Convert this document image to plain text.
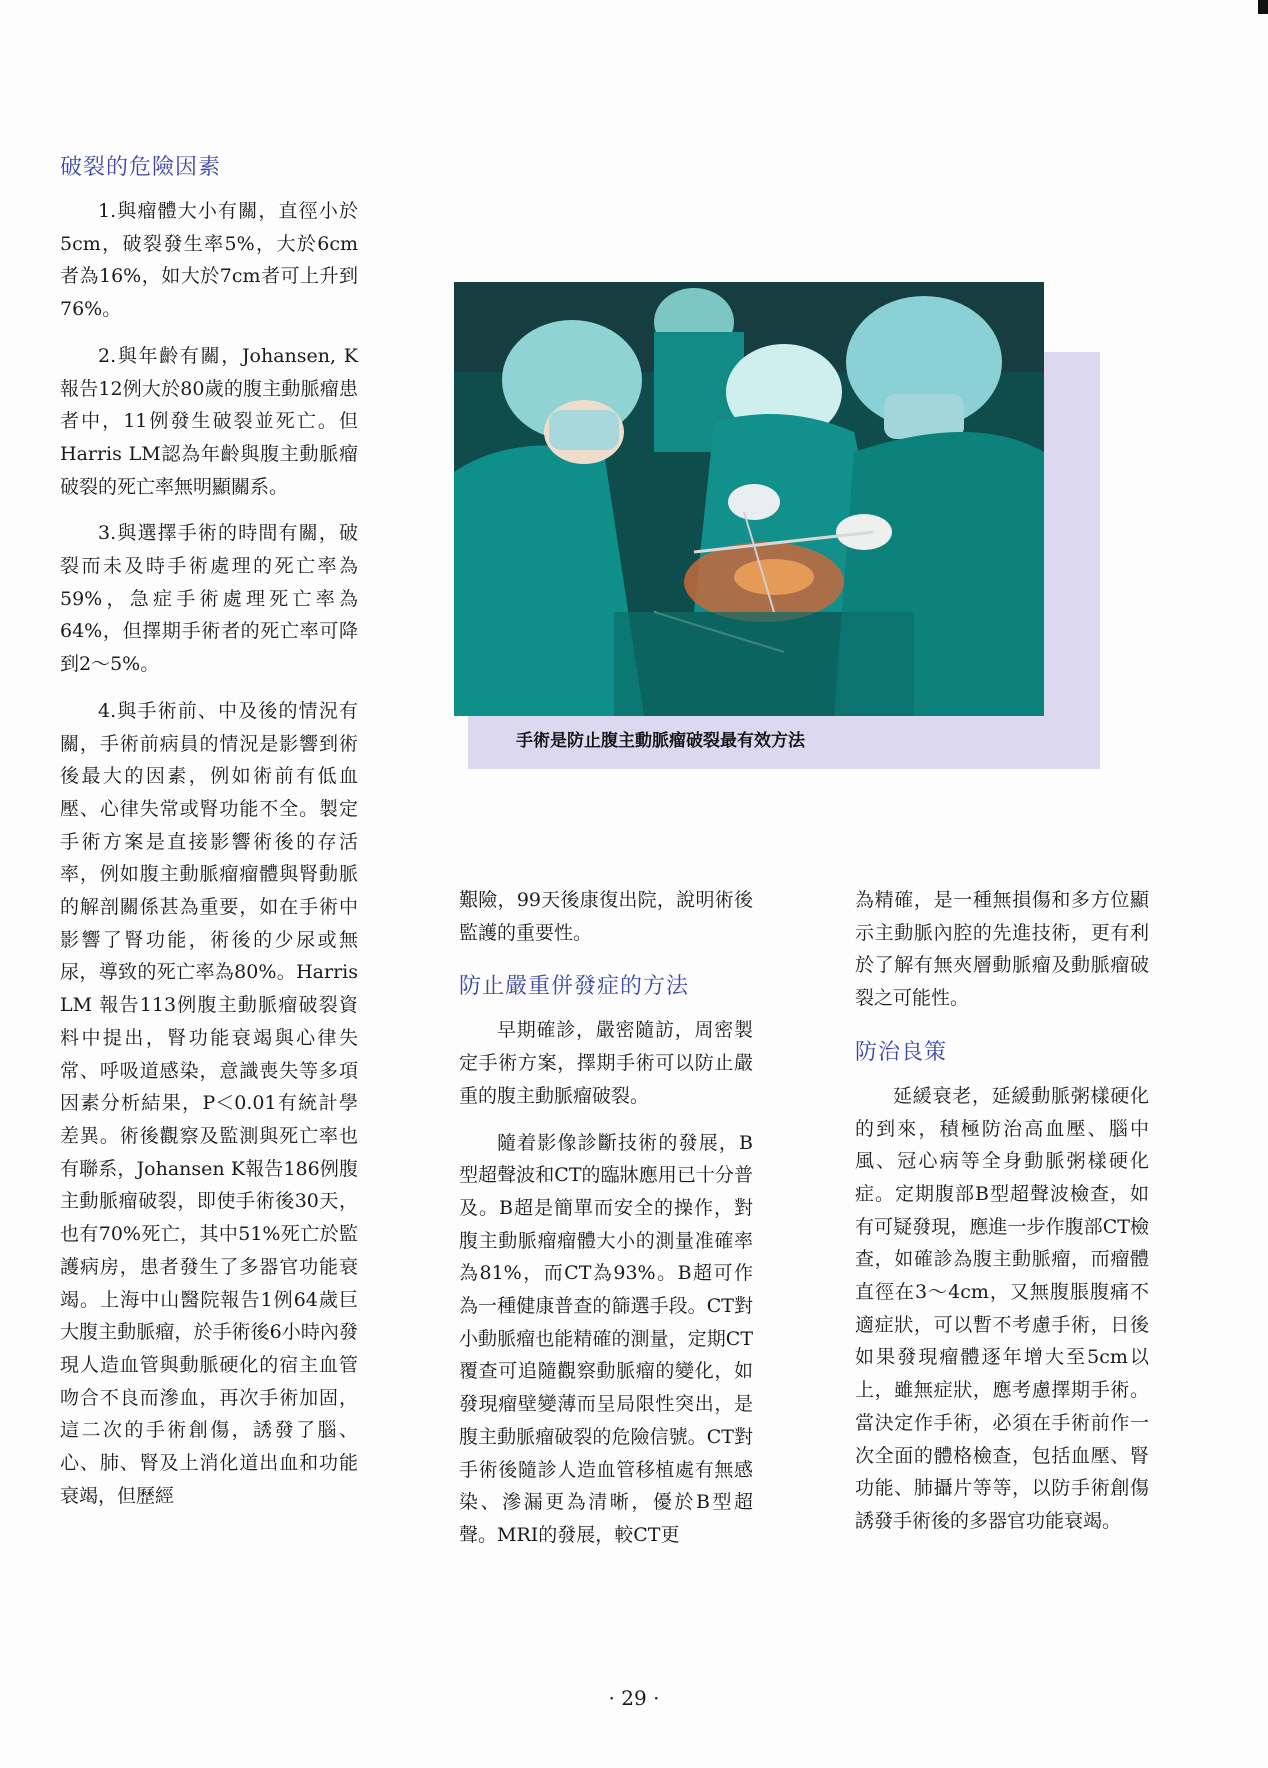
破裂的危險因素

1.與瘤體大小有關，直徑小於5cm，破裂發生率5%，大於6cm者為16%，如大於7cm者可上升到76%。

2.與年齡有關，Johansen, K報告12例大於80歲的腹主動脈瘤患者中，11例發生破裂並死亡。但Harris LM認為年齡與腹主動脈瘤破裂的死亡率無明顯關系。

3.與選擇手術的時間有關，破裂而未及時手術處理的死亡率為59%，急症手術處理死亡率為64%，但擇期手術者的死亡率可降到2～5%。

4.與手術前、中及後的情況有關，手術前病員的情況是影響到術後最大的因素，例如術前有低血壓、心律失常或腎功能不全。製定手術方案是直接影響術後的存活率，例如腹主動脈瘤瘤體與腎動脈的解剖關係甚為重要，如在手術中影響了腎功能，術後的少尿或無尿，導致的死亡率為80%。Harris LM 報告113例腹主動脈瘤破裂資料中提出，腎功能衰竭與心律失常、呼吸道感染，意識喪失等多項因素分析結果，P＜0.01有統計學差異。術後觀察及監測與死亡率也有聯系，Johansen K報告186例腹主動脈瘤破裂，即使手術後30天，也有70%死亡，其中51%死亡於監護病房，患者發生了多器官功能衰竭。上海中山醫院報告1例64歲巨大腹主動脈瘤，於手術後6小時內發現人造血管與動脈硬化的宿主血管吻合不良而滲血，再次手術加固，這二次的手術創傷，誘發了腦、心、肺、腎及上消化道出血和功能衰竭，但歷經

手術是防止腹主動脈瘤破裂最有效方法

艱險，99天後康復出院，說明術後監護的重要性。

防止嚴重併發症的方法

早期確診，嚴密隨訪，周密製定手術方案，擇期手術可以防止嚴重的腹主動脈瘤破裂。

隨着影像診斷技術的發展，B型超聲波和CT的臨牀應用已十分普及。B超是簡單而安全的操作，對腹主動脈瘤瘤體大小的測量准確率為81%，而CT為93%。B超可作為一種健康普查的篩選手段。CT對小動脈瘤也能精確的測量，定期CT覆查可追隨觀察動脈瘤的變化，如發現瘤壁變薄而呈局限性突出，是腹主動脈瘤破裂的危險信號。CT對手術後隨診人造血管移植處有無感染、滲漏更為清晰，優於B型超聲。MRI的發展，較CT更

為精確，是一種無損傷和多方位顯示主動脈內腔的先進技術，更有利於了解有無夾層動脈瘤及動脈瘤破裂之可能性。

防治良策

延緩衰老，延緩動脈粥樣硬化的到來，積極防治高血壓、腦中風、冠心病等全身動脈粥樣硬化症。定期腹部B型超聲波檢查，如有可疑發現，應進一步作腹部CT檢查，如確診為腹主動脈瘤，而瘤體直徑在3～4cm，又無腹脹腹痛不適症狀，可以暫不考慮手術，日後如果發現瘤體逐年增大至5cm以上，雖無症狀，應考慮擇期手術。當決定作手術，必須在手術前作一次全面的體格檢查，包括血壓、腎功能、肺攝片等等，以防手術創傷誘發手術後的多器官功能衰竭。

· 29 ·
